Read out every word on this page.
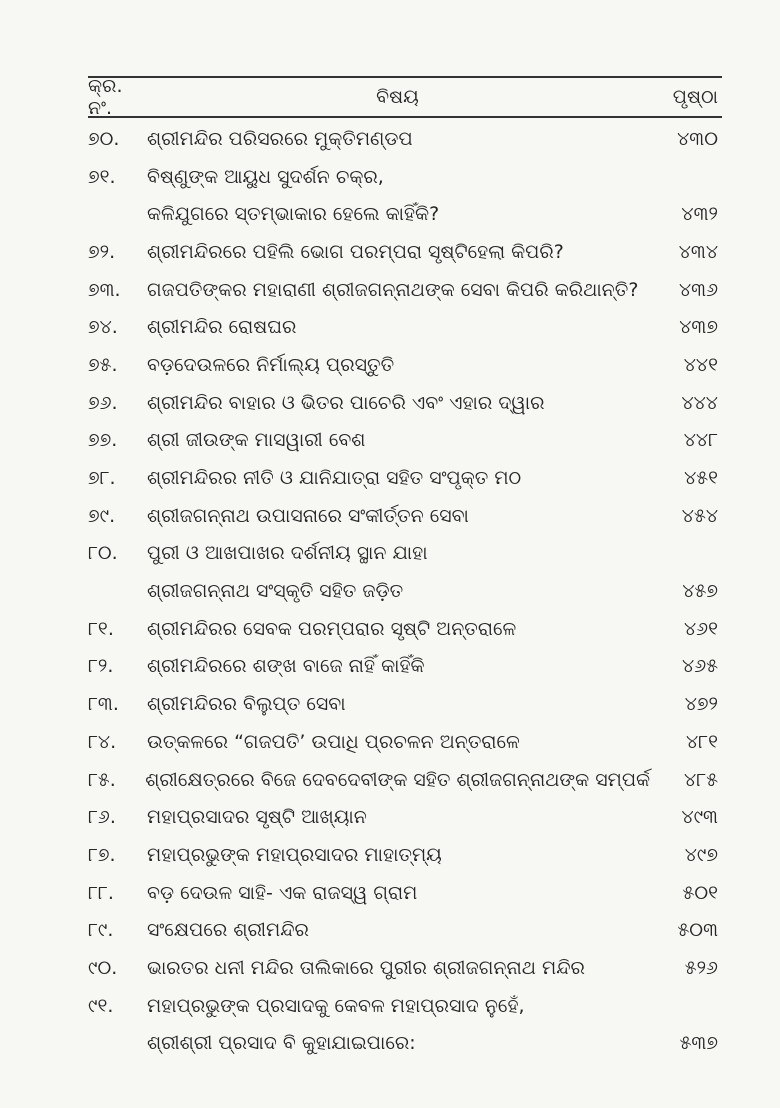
କ୍ର. ନଂ.	ବିଷୟ	ପୃଷ୍ଠା
୭୦.	ଶ୍ରୀମନ୍ଦିର ପରିସରରେ ମୁକ୍ତିମଣ୍ଡପ	୪୩୦
୭୧.	ବିଷ୍ଣୁଙ୍କ ଆୟୁଧ ସୁଦର୍ଶନ ଚକ୍ର,
କଳିଯୁଗରେ ସ୍ତମ୍ଭାକାର ହେଲେ କାହିଁକି?	୪୩୨
୭୨.	ଶ୍ରୀମନ୍ଦିରରେ ପହିଲି ଭୋଗ ପରମ୍ପରା ସୃଷ୍ଟିହେଲା କିପରି?	୪୩୪
୭୩.	ଗଜପତିଙ୍କର ମହାରାଣୀ ଶ୍ରୀଜଗନ୍ନାଥଙ୍କ ସେବା କିପରି କରିଥାନ୍ତି?	୪୩୬
୭୪.	ଶ୍ରୀମନ୍ଦିର ରୋଷଘର	୪୩୭
୭୫.	ବଡ଼ଦେଉଳରେ ନିର୍ମାଲ୍ୟ ପ୍ରସ୍ତୁତି	୪୪୧
୭୬.	ଶ୍ରୀମନ୍ଦିର ବାହାର ଓ ଭିତର ପାଚେରି ଏବଂ ଏହାର ଦ୍ୱାର	୪୪୪
୭୭.	ଶ୍ରୀ ଜୀଉଙ୍କ ମାସୱାରୀ ବେଶ	୪୪୮
୭୮.	ଶ୍ରୀମନ୍ଦିରର ନୀତି ଓ ଯାନିଯାତ୍ରା ସହିତ ସଂପୃକ୍ତ ମଠ	୪୫୧
୭୯.	ଶ୍ରୀଜଗନ୍ନାଥ ଉପାସନାରେ ସଂକୀର୍ତ୍ତନ ସେବା	୪୫୪
୮୦.	ପୁରୀ ଓ ଆଖପାଖର ଦର୍ଶନୀୟ ସ୍ଥାନ ଯାହା
ଶ୍ରୀଜଗନ୍ନାଥ ସଂସ୍କୃତି ସହିତ ଜଡ଼ିତ	୪୫୭
୮୧.	ଶ୍ରୀମନ୍ଦିରର ସେବକ ପରମ୍ପରାର ସୃଷ୍ଟି ଅନ୍ତରାଳେ	୪୬୧
୮୨.	ଶ୍ରୀମନ୍ଦିରରେ ଶଙ୍ଖ ବାଜେ ନାହିଁ କାହିଁକି	୪୬୫
୮୩.	ଶ୍ରୀମନ୍ଦିରର ବିଲୁପ୍ତ ସେବା	୪୭୨
୮୪.	ଉତ୍କଳରେ “ଗଜପତି’ ଉପାଧି ପ୍ରଚଳନ ଅନ୍ତରାଳେ	୪୮୧
୮୫.	ଶ୍ରୀକ୍ଷେତ୍ରରେ ବିଜେ ଦେବଦେବୀଙ୍କ ସହିତ ଶ୍ରୀଜଗନ୍ନାଥଙ୍କ ସମ୍ପର୍କ	୪୮୫
୮୬.	ମହାପ୍ରସାଦର ସୃଷ୍ଟି ଆଖ୍ୟାନ	୪୯୩
୮୭.	ମହାପ୍ରଭୁଙ୍କ ମହାପ୍ରସାଦର ମାହାତ୍ମ୍ୟ	୪୯୭
୮୮.	ବଡ଼ ଦେଉଳ ସାହି- ଏକ ରାଜସ୍ୱ ଗ୍ରାମ	୫୦୧
୮୯.	ସଂକ୍ଷେପରେ ଶ୍ରୀମନ୍ଦିର	୫୦୩
୯୦.	ଭାରତର ଧନୀ ମନ୍ଦିର ତାଲିକାରେ ପୁରୀର ଶ୍ରୀଜଗନ୍ନାଥ ମନ୍ଦିର	୫୨୬
୯୧.	ମହାପ୍ରଭୁଙ୍କ ପ୍ରସାଦକୁ କେବଳ ମହାପ୍ରସାଦ ନୁହେଁ,
ଶ୍ରୀଶ୍ରୀ ପ୍ରସାଦ ବି କୁହାଯାଇପାରେ:	୫୩୭
